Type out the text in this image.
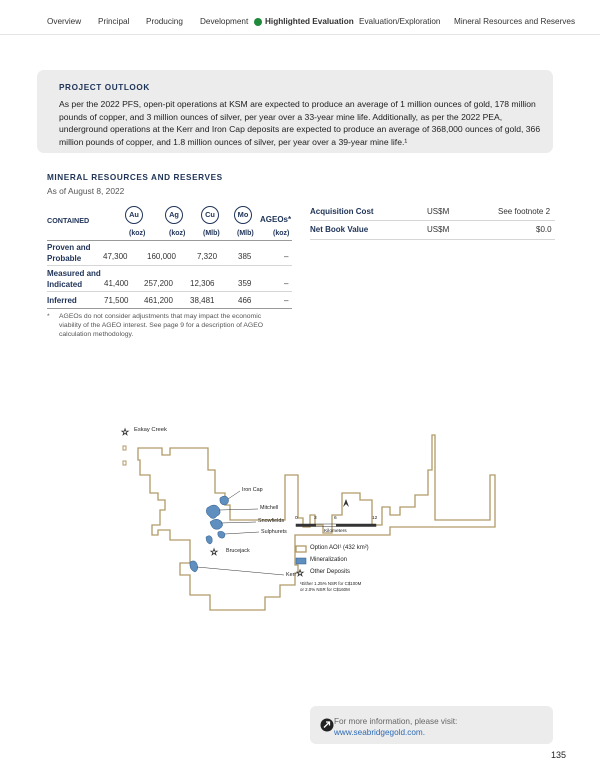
Overview Principal Producing Development Highlighted Evaluation Evaluation/Exploration Mineral Resources and Reserves
PROJECT OUTLOOK
As per the 2022 PFS, open-pit operations at KSM are expected to produce an average of 1 million ounces of gold, 178 million pounds of copper, and 3 million ounces of silver, per year over a 33-year mine life. Additionally, as per the 2022 PEA, underground operations at the Kerr and Iron Cap deposits are expected to produce an average of 368,000 ounces of gold, 366 million pounds of copper, and 1.8 million ounces of silver, per year over a 39-year mine life.¹
MINERAL RESOURCES AND RESERVES
As of August 8, 2022
CONTAINED
Au	Ag	Cu	Mo
AGEOs*
(koz)	(koz)	(Mlb) (Mlb)	(koz)
Proven and
Probable	47,300 160,000	7,320	385	–
Measured and
Indicated	41,400 257,200 12,306	359	–
Inferred	71,500 461,200 38,481	466	–
*	AGEOs do not consider adjustments that may impact the economic viability of the AGEO interest. See page 9 for a description of AGEO calculation methodology.
Acquisition Cost	US$M	See footnote 2
Net Book Value	US$M	$0.0
☆
☆
☆
Eskay Creek
Iron Cap
Mitchell
Snowfields
Sulphurets
Brucejack
Kerr
0	3	6	12
Kilometers
Option AOI¹ (432 km²)
Mineralization
Other Deposits
¹Either 1.25% NSR for C$100M
or 2.0% NSR for C$160M
For more information, please visit:
www.seabridgegold.com.
135
